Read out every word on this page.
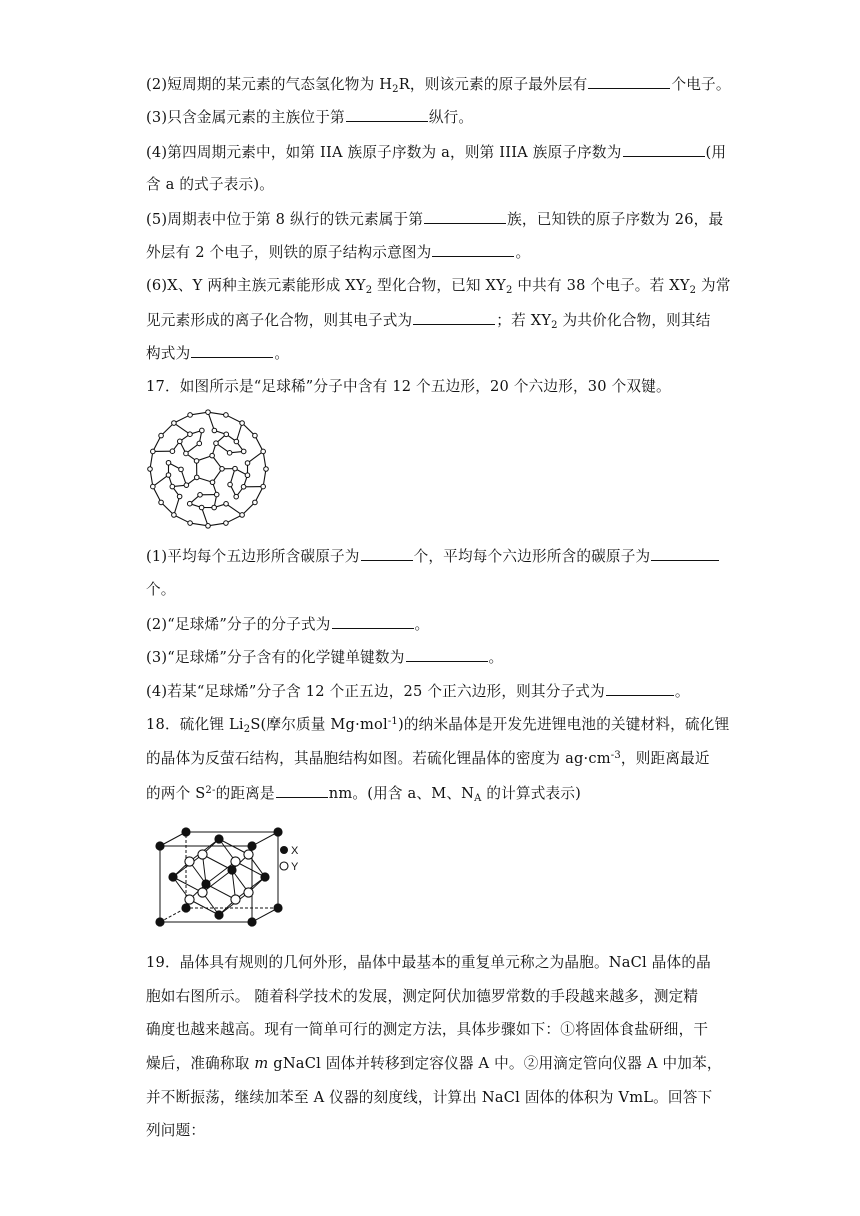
(2)短周期的某元素的气态氢化物为 $H_2R$，则该元素的原子最外层有	个电子。
(3)只含金属元素的主族位于第	纵行。
(4)第四周期元素中，如第 IIA 族原子序数为 a，则第 IIIA 族原子序数为	(用
含 a 的式子表示)。
(5)周期表中位于第 8 纵行的铁元素属于第	族，已知铁的原子序数为 26，最
外层有 2 个电子，则铁的原子结构示意图为	。
(6)X、Y 两种主族元素能形成 $XY_2$ 型化合物，已知 $XY_2$ 中共有 38 个电子。若 $XY_2$ 为常
见元素形成的离子化合物，则其电子式为	；若 $XY_2$ 为共价化合物，则其结
构式为	。
17．如图所示是“足球稀”分子中含有 12 个五边形，20 个六边形，30 个双键。
(1)平均每个五边形所含碳原子为	个，平均每个六边形所含的碳原子为
个。
(2)“足球烯”分子的分子式为	。
(3)“足球烯”分子含有的化学键单键数为	。
(4)若某“足球烯”分子含 12 个正五边，25 个正六边形，则其分子式为	。
18．硫化锂 $Li_2S$(摩尔质量 Mg·mol$^{-1}$)的纳米晶体是开发先进锂电池的关键材料，硫化锂
的晶体为反萤石结构，其晶胞结构如图。若硫化锂晶体的密度为 $ag\cdot cm^{-3}$，则距离最近
的两个 $S^{2-}$的距离是	nm。(用含 a、M、$N_A$ 的计算式表示)
X
Y
19．晶体具有规则的几何外形，晶体中最基本的重复单元称之为晶胞。NaCl 晶体的晶
胞如右图所示。 随着科学技术的发展，测定阿伏加德罗常数的手段越来越多，测定精
确度也越来越高。现有一简单可行的测定方法，具体步骤如下：①将固体食盐研细，干
燥后，准确称取 m gNaCl 固体并转移到定容仪器 A 中。②用滴定管向仪器 A 中加苯，
并不断振荡，继续加苯至 A 仪器的刻度线，计算出 NaCl 固体的体积为 VmL。回答下
列问题：
